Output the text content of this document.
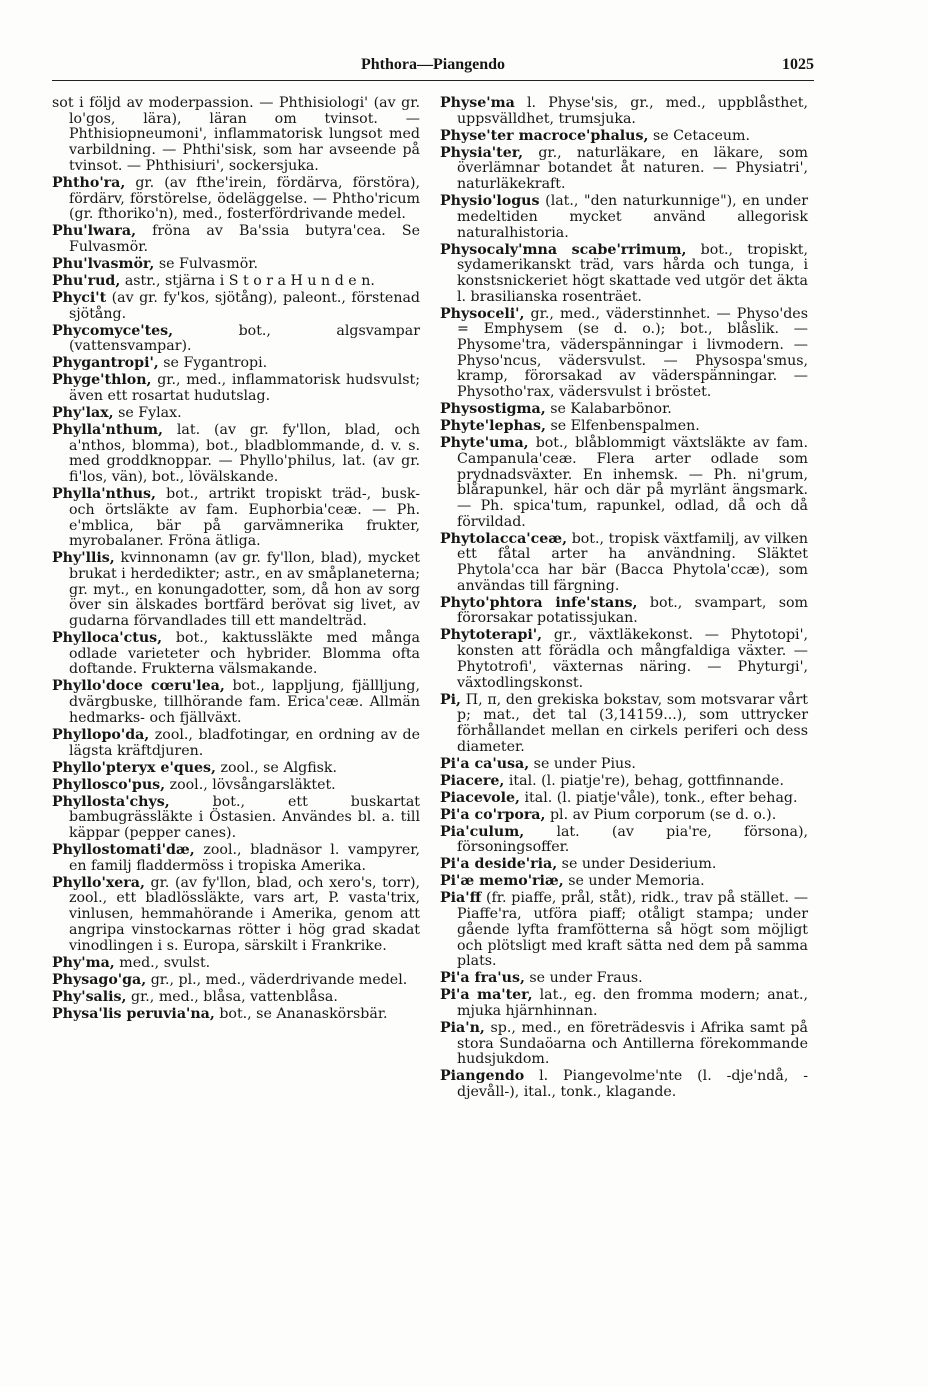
Phthora—Piangendo	1025

sot i följd av moderpassion. — Phthisiologi' (av gr. lo'gos, lära), läran om tvinsot. — Phthisiopneumoni', inflammatorisk lungsot med varbildning. — Phthi'sisk, som har avseende på tvinsot. — Phthisiuri', sockersjuka.

Phtho'ra, gr. (av fthe'irein, fördärva, förstöra), fördärv, förstörelse, ödeläggelse. — Phtho'ricum (gr. fthoriko'n), med., fosterfördrivande medel.

Phu'lwara, fröna av Ba'ssia butyra'cea. Se Fulvasmör.

Phu'lvasmör, se Fulvasmör.

Phu'rud, astr., stjärna i S t o r a H u n d e n.

Phyci't (av gr. fy'kos, sjötång), paleont., förstenad sjötång.

Phycomyce'tes,	bot., algsvampar (vattensvampar).

Phygantropi', se Fygantropi.

Phyge'thlon, gr., med., inflammatorisk hudsvulst; även ett rosartat hudutslag.

Phy'lax, se Fylax.

Phylla'nthum, lat. (av gr. fy'llon, blad, och a'nthos, blomma), bot., bladblommande, d. v. s. med groddknoppar. — Phyllo'philus, lat. (av gr. fi'los, vän), bot., lövälskande.

Phylla'nthus, bot., artrikt tropiskt träd-, busk- och örtsläkte av fam. Euphorbia'ceæ. — Ph. e'mblica, bär på garvämnerika frukter, myrobalaner. Fröna ätliga.

Phy'llis, kvinnonamn (av gr. fy'llon, blad), mycket brukat i herdedikter; astr., en av småplaneterna; gr. myt., en konungadotter, som, då hon av sorg över sin älskades bortfärd berövat sig livet, av gudarna förvandlades till ett mandelträd.

Phylloca'ctus, bot., kaktussläkte med många odlade varieteter och hybrider. Blomma ofta doftande. Frukterna välsmakande.

Phyllo'doce cœru'lea, bot., lappljung, fjällljung, dvärgbuske, tillhörande fam. Erica'ceæ. Allmän hedmarks- och fjällväxt.

Phyllopo'da, zool., bladfotingar, en ordning av de lägsta kräftdjuren.

Phyllo'pteryx e'ques, zool., se Algfisk.

Phyllosco'pus, zool., lövsångarsläktet.

Phyllosta'chys,	bot., ett buskartat bambugrässläkte i Östasien. Användes bl. a. till käppar (pepper canes).

Phyllostomati'dæ, zool., bladnäsor l. vampyrer, en familj fladdermöss i tropiska Amerika.

Phyllo'xera, gr. (av fy'llon, blad, och xero's, torr), zool., ett bladlössläkte, vars art, P. vasta'trix, vinlusen, hemmahörande i Amerika, genom att angripa vinstockarnas rötter i hög grad skadat vinodlingen i s. Europa, särskilt i Frankrike.

Phy'ma, med., svulst.

Physago'ga, gr., pl., med., väderdrivande medel.

Phy'salis, gr., med., blåsa, vattenblåsa.

Physa'lis peruvia'na, bot., se Ananaskörsbär.

Physe'ma l. Physe'sis, gr., med., uppblåsthet, uppsvälldhet, trumsjuka.

Physe'ter macroce'phalus, se Cetaceum.

Physia'ter, gr., naturläkare, en läkare, som överlämnar botandet åt naturen. — Physiatri', naturläkekraft.

Physio'logus (lat., "den naturkunnige"), en under medeltiden mycket använd allegorisk naturalhistoria.

Physocaly'mna scabe'rrimum, bot., tropiskt, sydamerikanskt träd, vars hårda och tunga, i konstsnickeriet högt skattade ved utgör det äkta l. brasilianska rosenträet.

Physoceli', gr., med., väderstinnhet. — Physo'des = Emphysem (se d. o.); bot., blåslik. — Physome'tra, väderspänningar i livmodern. — Physo'ncus, vädersvulst. — Physospa'smus, kramp, förorsakad av väderspänningar. — Physotho'rax, vädersvulst i bröstet.

Physostigma, se Kalabarbönor.

Phyte'lephas, se Elfenbenspalmen.

Phyte'uma, bot., blåblommigt växtsläkte av fam. Campanula'ceæ. Flera arter odlade som prydnadsväxter. En inhemsk. — Ph. ni'grum, blårapunkel, här och där på myrlänt ängsmark. — Ph. spica'tum, rapunkel, odlad, då och då förvildad.

Phytolacca'ceæ, bot., tropisk växtfamilj, av vilken ett fåtal arter ha användning. Släktet Phytola'cca har bär (Bacca Phytola'ccæ), som användas till färgning.

Phyto'phtora infe'stans, bot., svampart, som förorsakar potatissjukan.

Phytoterapi', gr., växtläkekonst. — Phytotopi', konsten att förädla och mångfaldiga växter. — Phytotrofi', växternas näring. — Phyturgi', växtodlingskonst.

Pi, Π, π, den grekiska bokstav, som motsvarar vårt p; mat., det tal (3,14159...), som uttrycker förhållandet mellan en cirkels periferi och dess diameter.

Pi'a ca'usa, se under Pius.

Piacere, ital. (l. piatje're), behag, gottfinnande.

Piacevole, ital. (l. piatje'våle), tonk., efter behag.

Pi'a co'rpora, pl. av Pium corporum (se d. o.).

Pia'culum, lat. (av pia're, försona), försoningsoffer.

Pi'a deside'ria, se under Desiderium.

Pi'æ memo'riæ, se under Memoria.

Pia'ff (fr. piaffe, prål, ståt), ridk., trav på stället. — Piaffe'ra, utföra piaff; otåligt stampa; under gående lyfta framfötterna så högt som möjligt och plötsligt med kraft sätta ned dem på samma plats.

Pi'a fra'us, se under Fraus.

Pi'a ma'ter, lat., eg. den fromma modern; anat., mjuka hjärnhinnan.

Pia'n, sp., med., en företrädesvis i Afrika samt på stora Sundaöarna och Antillerna förekommande hudsjukdom.

Piangendo l. Piangevolme'nte (l. -dje'ndå, -djevåll-), ital., tonk., klagande.
